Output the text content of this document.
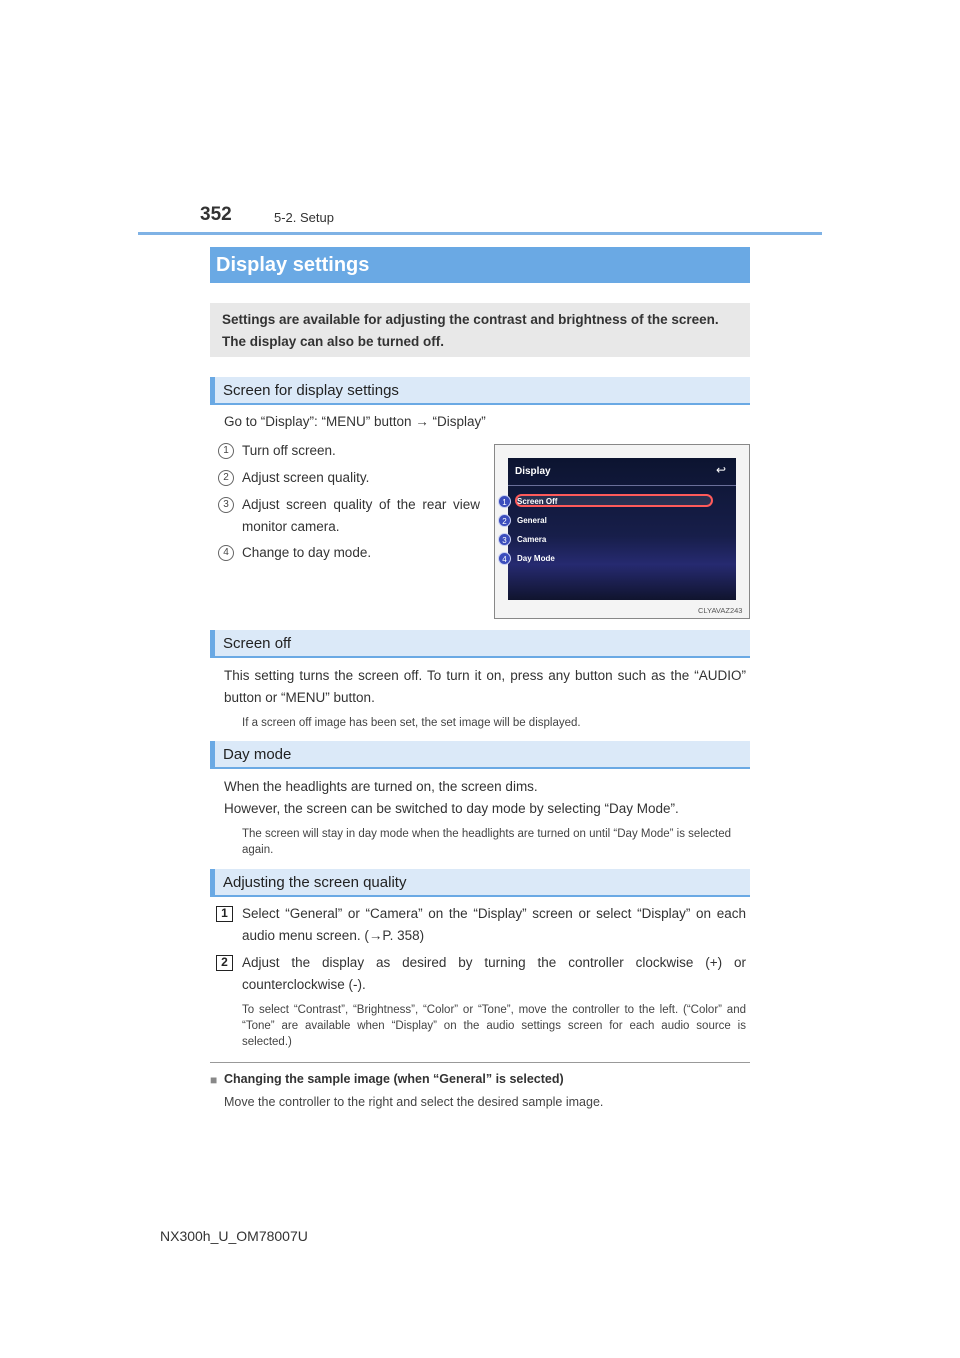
352	5-2. Setup
Display settings
Settings are available for adjusting the contrast and brightness of the screen. The display can also be turned off.
Screen for display settings
Go to “Display”: “MENU” button → “Display”
1 Turn off screen.
2 Adjust screen quality.
3 Adjust screen quality of the rear view monitor camera.
4 Change to day mode.
Display	↩
1	Screen Off
2	General
3	Camera
4	Day Mode
CLYAVAZ243
Screen off
This setting turns the screen off. To turn it on, press any button such as the “AUDIO” button or “MENU” button.
If a screen off image has been set, the set image will be displayed.
Day mode
When the headlights are turned on, the screen dims.
However, the screen can be switched to day mode by selecting “Day Mode”.
The screen will stay in day mode when the headlights are turned on until “Day Mode” is selected again.
Adjusting the screen quality
1	Select “General” or “Camera” on the “Display” screen or select “Display” on each audio menu screen. (→P. 358)
2	Adjust the display as desired by turning the controller clockwise (+) or counterclockwise (-).
To select “Contrast”, “Brightness”, “Color” or “Tone”, move the controller to the left. (“Color” and “Tone” are available when “Display” on the audio settings screen for each audio source is selected.)
■ Changing the sample image (when “General” is selected)
Move the controller to the right and select the desired sample image.
NX300h_U_OM78007U
